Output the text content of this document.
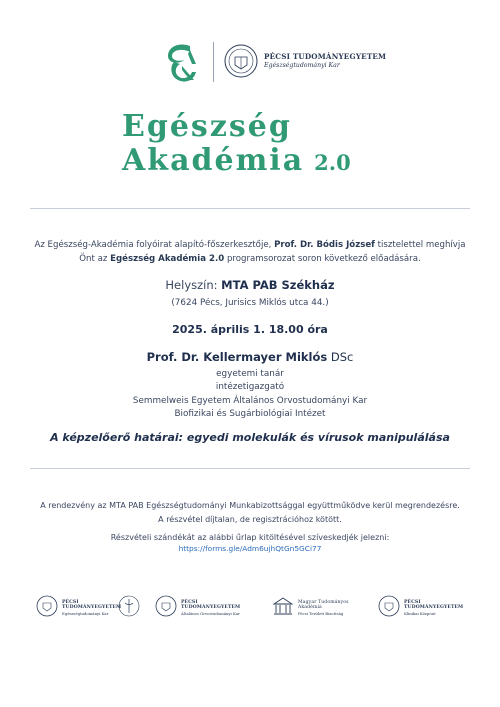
PÉCSI TUDOMÁNYEGYETEM
Egészségtudományi Kar
Egészség
Akadémia 2.0
Az Egészség-Akadémia folyóirat alapító-főszerkesztője, Prof. Dr. Bódis József tisztelettel meghívja
Önt az Egészség Akadémia 2.0 programsorozat soron következő előadására.
Helyszín: MTA PAB Székház
(7624 Pécs, Jurisics Miklós utca 44.)
2025. április 1. 18.00 óra
Prof. Dr. Kellermayer Miklós DSc
egyetemi tanár
intézetigazgató
Semmelweis Egyetem Általános Orvostudományi Kar
Biofizikai és Sugárbiológiai Intézet
A képzelőerő határai: egyedi molekulák és vírusok manipulálása
A rendezvény az MTA PAB Egészségtudományi Munkabizottsággal együttműködve kerül megrendezésre.
A részvétel díjtalan, de regisztrációhoz kötött.
Részvételi szándékát az alábbi űrlap kitöltésével szíveskedjék jelezni:
https://forms.gle/Adm6ujhQtGn5GCi77
PÉCSI TUDOMÁNYEGYETEM
Egészségtudományi Kar
PÉCSI TUDOMÁNYEGYETEM
Általános Orvostudományi Kar
Magyar Tudományos Akadémia
Pécsi Területi Bizottság
PÉCSI TUDOMÁNYEGYETEM
Klinikai Központ
